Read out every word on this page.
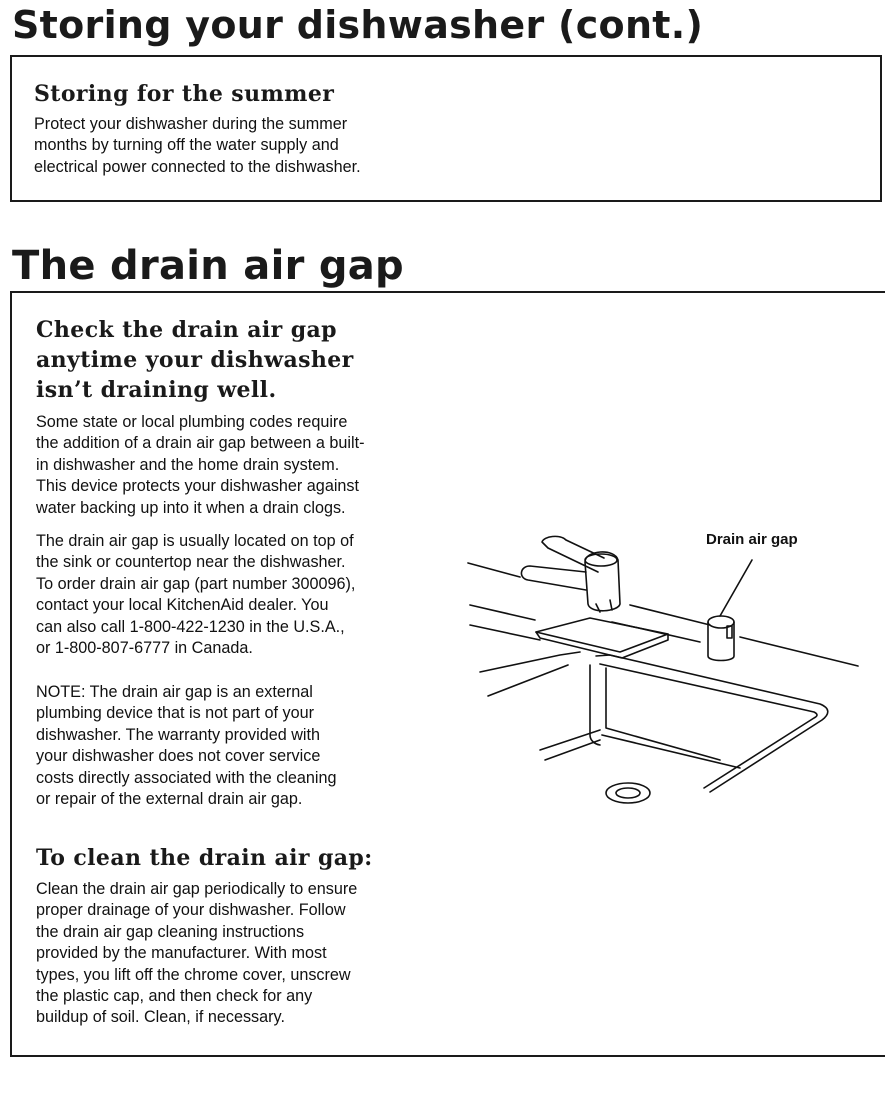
Storing your dishwasher (cont.)
Storing for the summer
Protect your dishwasher during the summer
months by turning off the water supply and
electrical power connected to the dishwasher.
The drain air gap
Check the drain air gap
anytime your dishwasher
isn’t draining well.
Some state or local plumbing codes require
the addition of a drain air gap between a built-
in dishwasher and the home drain system.
This device protects your dishwasher against
water backing up into it when a drain clogs.
The drain air gap is usually located on top of
the sink or countertop near the dishwasher.
To order drain air gap (part number 300096),
contact your local KitchenAid dealer. You
can also call 1-800-422-1230 in the U.S.A.,
or 1-800-807-6777 in Canada.
NOTE: The drain air gap is an external
plumbing device that is not part of your
dishwasher. The warranty provided with
your dishwasher does not cover service
costs directly associated with the cleaning
or repair of the external drain air gap.
To clean the drain air gap:
Clean the drain air gap periodically to ensure
proper drainage of your dishwasher. Follow
the drain air gap cleaning instructions
provided by the manufacturer. With most
types, you lift off the chrome cover, unscrew
the plastic cap, and then check for any
buildup of soil. Clean, if necessary.
Drain air gap
